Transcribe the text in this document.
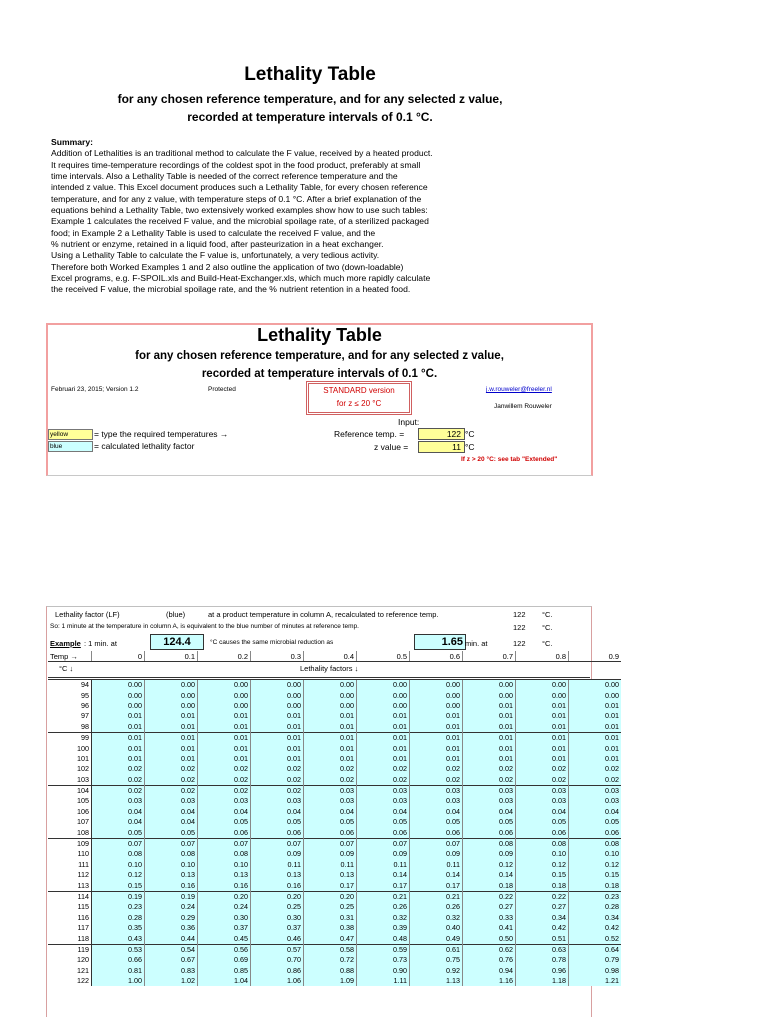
Lethality Table
for any chosen reference temperature, and for any selected z value,
recorded at temperature intervals of 0.1 °C.
Summary:
Addition of Lethalities is an traditional method to calculate the F value, received by a heated product.
It requires time-temperature recordings of the coldest spot in the food product, preferably at small
time intervals. Also a Lethality Table is needed of the correct reference temperature and the
intended z value. This Excel document produces such a Lethality Table, for every chosen reference
temperature, and for any z value, with temperature steps of 0.1 °C. After a brief explanation of the
equations behind a Lethality Table, two extensively worked examples show how to use such tables:
Example 1 calculates the received F value, and the microbial spoilage rate, of a sterilized packaged
food; in Example 2 a Lethality Table is used to calculate the received F value, and the
% nutrient or enzyme, retained in a liquid food, after pasteurization in a heat exchanger.
Using a Lethality Table to calculate the F value is, unfortunately, a very tedious activity.
Therefore both Worked Examples 1 and 2 also outline the application of two (down-loadable)
Excel programs, e.g. F-SPOIL.xls and Build-Heat-Exchanger.xls, which much more rapidly calculate
the received F value, the microbial spoilage rate, and the % nutrient retention in a heated food.
Lethality Table
for any chosen reference temperature, and for any selected z value,
recorded at temperature intervals of 0.1 °C.
Februari 23, 2015; Version 1.2	Protected	STANDARD version
for z ≤ 20 °C
j.w.rouweler@freeler.nl
Janwillem Rouweler
Input:
yellow	= type the required temperatures →
blue	= calculated lethality factor
Reference temp. =	122 °C
z value =	11 °C
If z > 20 °C: see tab "Extended"
Lethality factor (LF)	(blue)	at a product temperature in column A, recalculated to reference temp.	122 °C.
So: 1 minute at the temperature in column A, is equivalent to the blue number of minutes at reference temp.	122 °C.
Example : 1 min. at	124.4	°C causes the same microbial reduction as	1.65 min. at	122 °C.
Temp →	0	0.1	0.2	0.3	0.4	0.5	0.6	0.7	0.8	0.9
°C ↓	Lethality factors ↓
94	0.00	0.00	0.00	0.00	0.00	0.00	0.00	0.00	0.00	0.00
95	0.00	0.00	0.00	0.00	0.00	0.00	0.00	0.00	0.00	0.00
96	0.00	0.00	0.00	0.00	0.00	0.00	0.00	0.01	0.01	0.01
97	0.01	0.01	0.01	0.01	0.01	0.01	0.01	0.01	0.01	0.01
98	0.01	0.01	0.01	0.01	0.01	0.01	0.01	0.01	0.01	0.01
99	0.01	0.01	0.01	0.01	0.01	0.01	0.01	0.01	0.01	0.01
100	0.01	0.01	0.01	0.01	0.01	0.01	0.01	0.01	0.01	0.01
101	0.01	0.01	0.01	0.01	0.01	0.01	0.01	0.01	0.01	0.01
102	0.02	0.02	0.02	0.02	0.02	0.02	0.02	0.02	0.02	0.02
103	0.02	0.02	0.02	0.02	0.02	0.02	0.02	0.02	0.02	0.02
104	0.02	0.02	0.02	0.02	0.03	0.03	0.03	0.03	0.03	0.03
105	0.03	0.03	0.03	0.03	0.03	0.03	0.03	0.03	0.03	0.03
106	0.04	0.04	0.04	0.04	0.04	0.04	0.04	0.04	0.04	0.04
107	0.04	0.04	0.05	0.05	0.05	0.05	0.05	0.05	0.05	0.05
108	0.05	0.05	0.06	0.06	0.06	0.06	0.06	0.06	0.06	0.06
109	0.07	0.07	0.07	0.07	0.07	0.07	0.07	0.08	0.08	0.08
110	0.08	0.08	0.08	0.09	0.09	0.09	0.09	0.09	0.10	0.10
111	0.10	0.10	0.10	0.11	0.11	0.11	0.11	0.12	0.12	0.12
112	0.12	0.13	0.13	0.13	0.13	0.14	0.14	0.14	0.15	0.15
113	0.15	0.16	0.16	0.16	0.17	0.17	0.17	0.18	0.18	0.18
114	0.19	0.19	0.20	0.20	0.20	0.21	0.21	0.22	0.22	0.23
115	0.23	0.24	0.24	0.25	0.25	0.26	0.26	0.27	0.27	0.28
116	0.28	0.29	0.30	0.30	0.31	0.32	0.32	0.33	0.34	0.34
117	0.35	0.36	0.37	0.37	0.38	0.39	0.40	0.41	0.42	0.42
118	0.43	0.44	0.45	0.46	0.47	0.48	0.49	0.50	0.51	0.52
119	0.53	0.54	0.56	0.57	0.58	0.59	0.61	0.62	0.63	0.64
120	0.66	0.67	0.69	0.70	0.72	0.73	0.75	0.76	0.78	0.79
121	0.81	0.83	0.85	0.86	0.88	0.90	0.92	0.94	0.96	0.98
122	1.00	1.02	1.04	1.06	1.09	1.11	1.13	1.16	1.18	1.21
